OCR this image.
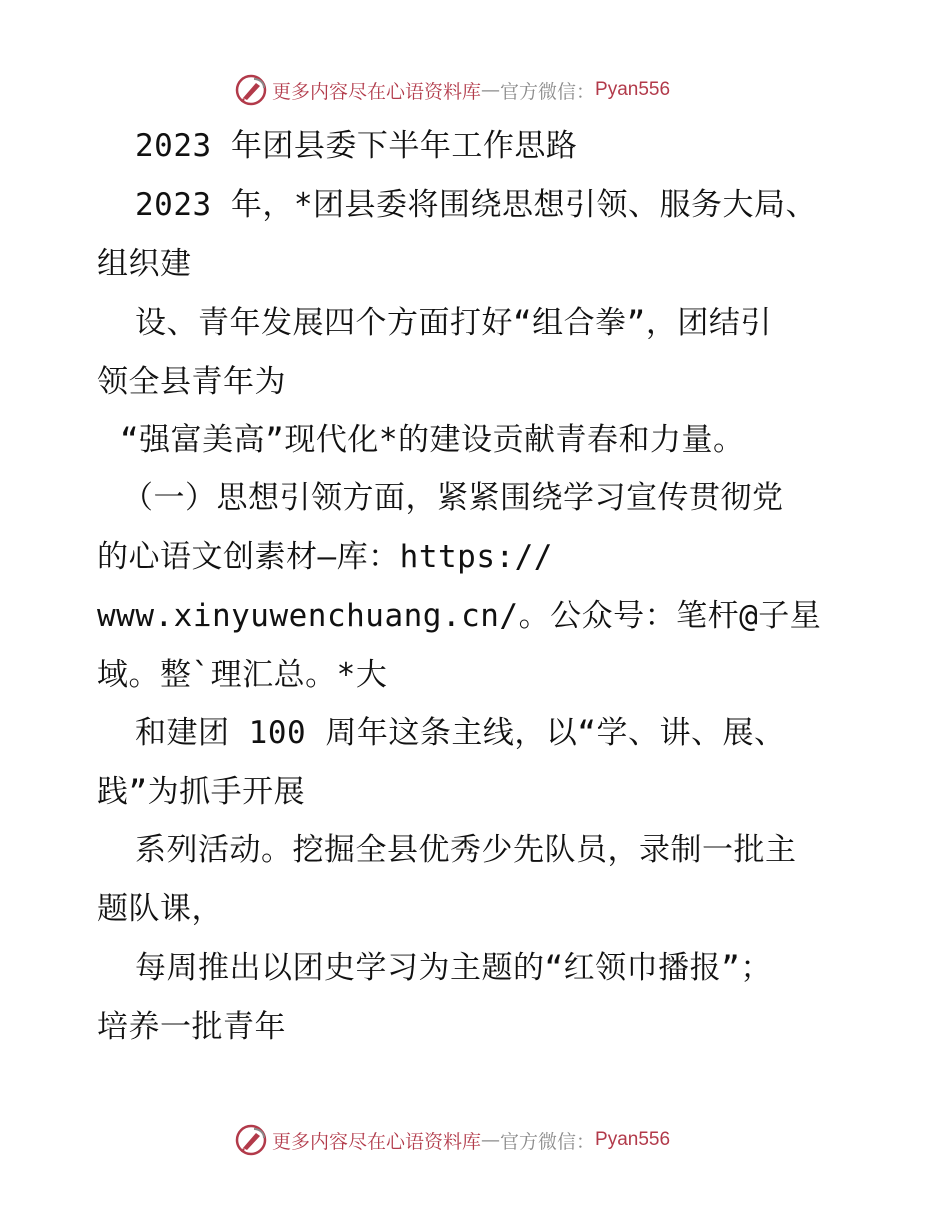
更多内容尽在心语资料库 — 官方微信： Pyan556
2023 年团县委下半年工作思路
2023 年，*团县委将围绕思想引领、服务大局、
组织建
设、青年发展四个方面打好“组合拳”，团结引
领全县青年为
“强富美高”现代化*的建设贡献青春和力量。
（一）思想引领方面，紧紧围绕学习宣传贯彻党
的心语文创素材—库：https://
www.xinyuwenchuang.cn/。公众号：笔杆@子星
域。整`理汇总。*大
和建团 100 周年这条主线，以“学、讲、展、
践”为抓手开展
系列活动。挖掘全县优秀少先队员，录制一批主
题队课，
每周推出以团史学习为主题的“红领巾播报”；
培养一批青年
更多内容尽在心语资料库 — 官方微信： Pyan556
